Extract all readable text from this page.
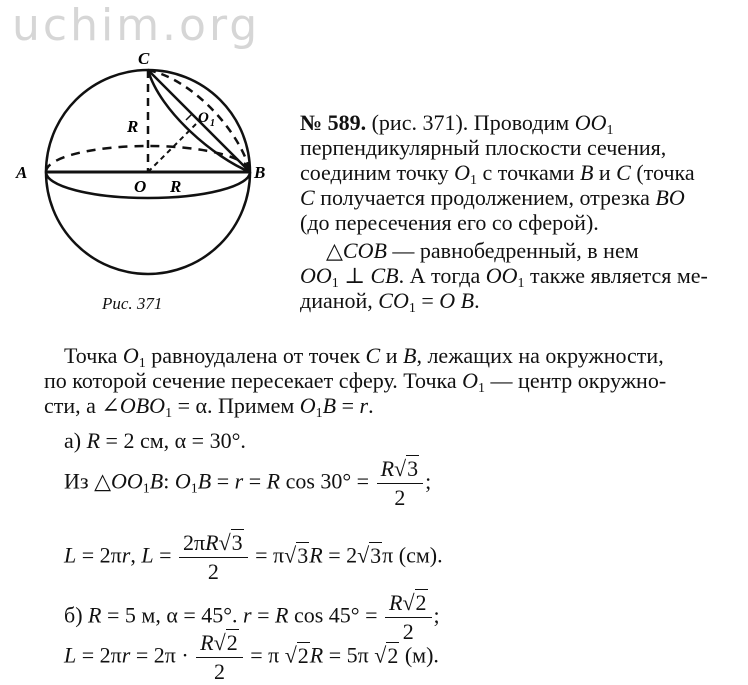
uchim.org
C
A	B
O R
R	O 1
Рис. 371
№ 589. (рис. 371). Проводим $OO_1$
перпендикулярный плоскости сечения,
соединим точку $O_1$ с точками B и C (точка
C получается продолжением, отрезка BO
(до пересечения его со сферой).
△COB — равнобедренный, в нем
$OO_1$ ⊥ CB. А тогда $OO_1$ также является ме-
дианой, $CO_1 = O$ B.
Точка $O_1$ равноудалена от точек C и B, лежащих на окружности,
по которой сечение пересекает сферу. Точка $O_1$ — центр окружно-
сти, а $\angle OBO_1 = \alpha$. Примем $O_1B = r$.
а) R = 2 см, α = 30°.
Из $\triangle OO_1B$: $O_1B = r = R$ $\cos 30^\circ = \frac{R√3}{2}$ ;
L = 2πr, $L = \frac{2\pi R√3}{2} = \pi√3R = 2√3\pi$ (см).
б) R = 5 м, α = 45°. r = R $\cos 45^\circ = \frac{R√2}{2}$ ;
$L = 2\pi r = 2\pi \cdot \frac{R√2}{2} = \pi$ √2R = 5π √2 (м).
